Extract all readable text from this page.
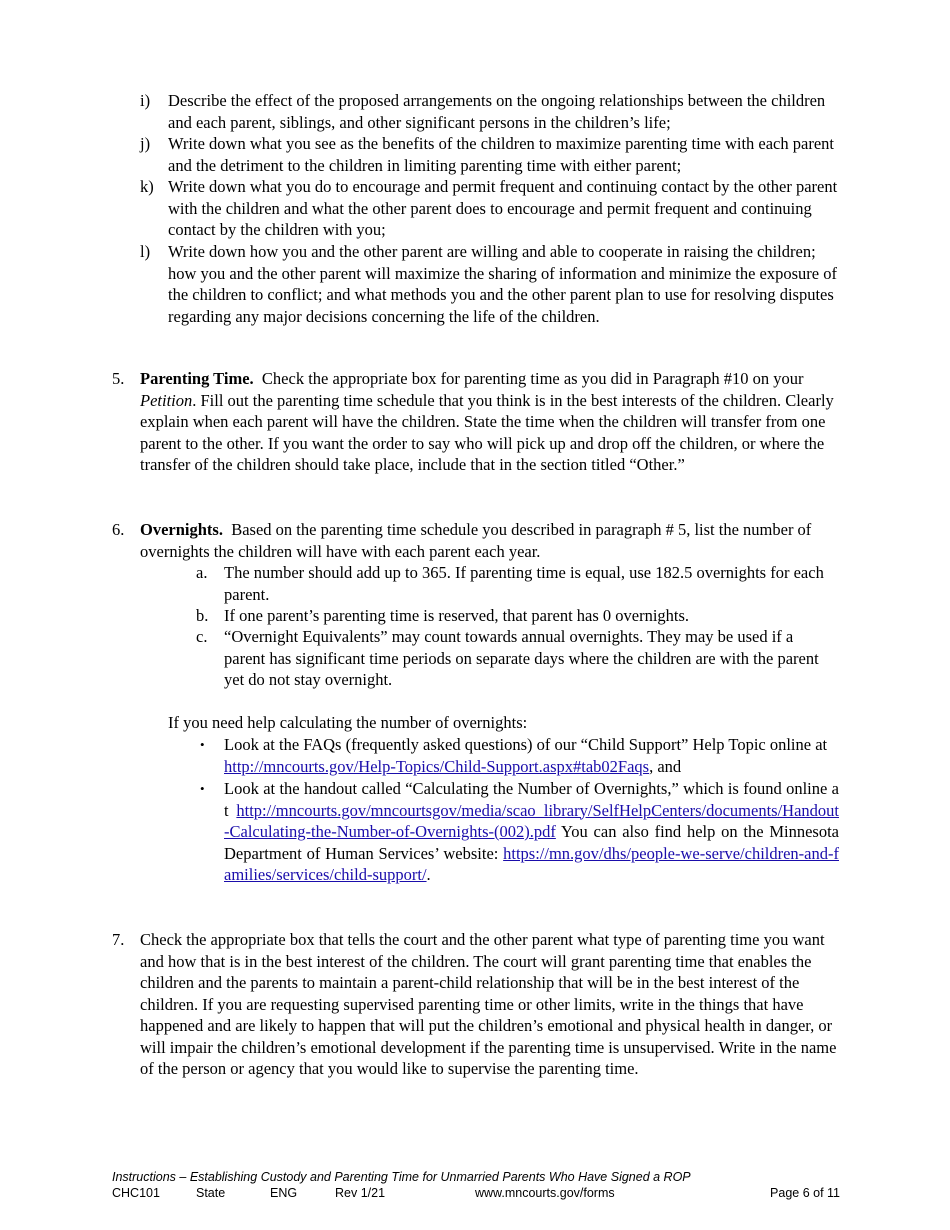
i) Describe the effect of the proposed arrangements on the ongoing relationships between the children and each parent, siblings, and other significant persons in the children’s life;
j) Write down what you see as the benefits of the children to maximize parenting time with each parent and the detriment to the children in limiting parenting time with either parent;
k) Write down what you do to encourage and permit frequent and continuing contact by the other parent with the children and what the other parent does to encourage and permit frequent and continuing contact by the children with you;
l) Write down how you and the other parent are willing and able to cooperate in raising the children; how you and the other parent will maximize the sharing of information and minimize the exposure of the children to conflict; and what methods you and the other parent plan to use for resolving disputes regarding any major decisions concerning the life of the children.
5. Parenting Time. Check the appropriate box for parenting time as you did in Paragraph #10 on your Petition. Fill out the parenting time schedule that you think is in the best interests of the children. Clearly explain when each parent will have the children. State the time when the children will transfer from one parent to the other. If you want the order to say who will pick up and drop off the children, or where the transfer of the children should take place, include that in the section titled “Other.”
6. Overnights. Based on the parenting time schedule you described in paragraph # 5, list the number of overnights the children will have with each parent each year.
a. The number should add up to 365. If parenting time is equal, use 182.5 overnights for each parent.
b. If one parent’s parenting time is reserved, that parent has 0 overnights.
c. “Overnight Equivalents” may count towards annual overnights. They may be used if a parent has significant time periods on separate days where the children are with the parent yet do not stay overnight.
If you need help calculating the number of overnights:
• Look at the FAQs (frequently asked questions) of our “Child Support” Help Topic online at http://mncourts.gov/Help-Topics/Child-Support.aspx#tab02Faqs, and
• Look at the handout called “Calculating the Number of Overnights,” which is found online at http://mncourts.gov/mncourtsgov/media/scao_library/SelfHelpCenters/documents/Handout-Calculating-the-Number-of-Overnights-(002).pdf You can also find help on the Minnesota Department of Human Services’ website: https://mn.gov/dhs/people-we-serve/children-and-families/services/child-support/.
7. Check the appropriate box that tells the court and the other parent what type of parenting time you want and how that is in the best interest of the children. The court will grant parenting time that enables the children and the parents to maintain a parent-child relationship that will be in the best interest of the children. If you are requesting supervised parenting time or other limits, write in the things that have happened and are likely to happen that will put the children’s emotional and physical health in danger, or will impair the children’s emotional development if the parenting time is unsupervised. Write in the name of the person or agency that you would like to supervise the parenting time.
Instructions – Establishing Custody and Parenting Time for Unmarried Parents Who Have Signed a ROP
CHC101	State	ENG	Rev 1/21	www.mncourts.gov/forms	Page 6 of 11
